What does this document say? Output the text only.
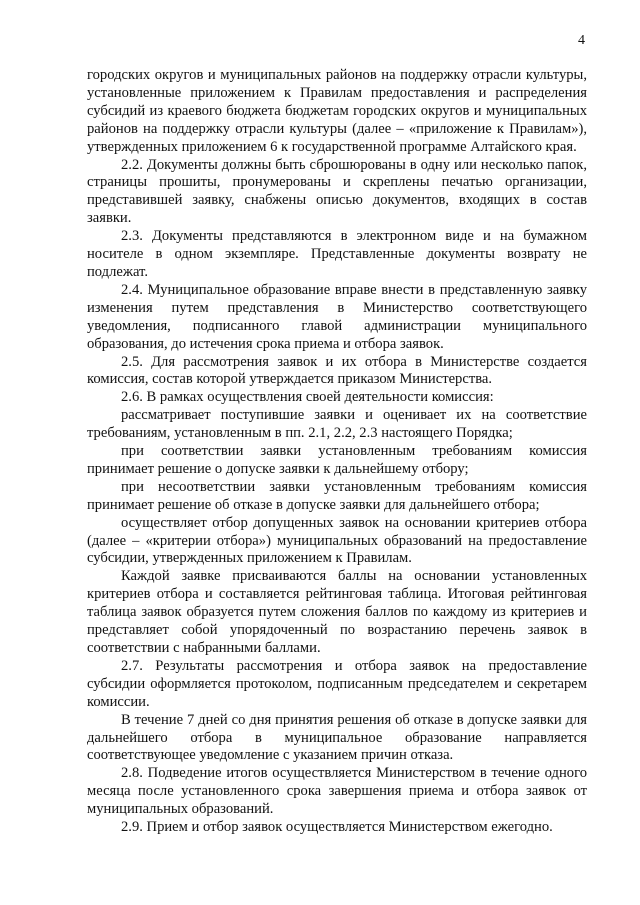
4

городских округов и муниципальных районов на поддержку отрасли культуры, установленные приложением к Правилам предоставления и распределения субсидий из краевого бюджета бюджетам городских округов и муниципальных районов на поддержку отрасли культуры (далее – «приложение к Правилам»), утвержденных приложением 6 к государственной программе Алтайского края.

2.2. Документы должны быть сброшюрованы в одну или несколько папок, страницы прошиты, пронумерованы и скреплены печатью организации, представившей заявку, снабжены описью документов, входящих в состав заявки.

2.3. Документы представляются в электронном виде и на бумажном носителе в одном экземпляре. Представленные документы возврату не подлежат.

2.4. Муниципальное образование вправе внести в представленную заявку изменения путем представления в Министерство соответствующего уведомления, подписанного главой администрации муниципального образования, до истечения срока приема и отбора заявок.

2.5. Для рассмотрения заявок и их отбора в Министерстве создается комиссия, состав которой утверждается приказом Министерства.

2.6. В рамках осуществления своей деятельности комиссия:

рассматривает поступившие заявки и оценивает их на соответствие требованиям, установленным в пп. 2.1, 2.2, 2.3 настоящего Порядка;

при соответствии заявки установленным требованиям комиссия принимает решение о допуске заявки к дальнейшему отбору;

при несоответствии заявки установленным требованиям комиссия принимает решение об отказе в допуске заявки для дальнейшего отбора;

осуществляет отбор допущенных заявок на основании критериев отбора (далее – «критерии отбора») муниципальных образований на предоставление субсидии, утвержденных приложением к Правилам.

Каждой заявке присваиваются баллы на основании установленных критериев отбора и составляется рейтинговая таблица. Итоговая рейтинговая таблица заявок образуется путем сложения баллов по каждому из критериев и представляет собой упорядоченный по возрастанию перечень заявок в соответствии с набранными баллами.

2.7. Результаты рассмотрения и отбора заявок на предоставление субсидии оформляется протоколом, подписанным председателем и секретарем комиссии.

В течение 7 дней со дня принятия решения об отказе в допуске заявки для дальнейшего отбора в муниципальное образование направляется соответствующее уведомление с указанием причин отказа.

2.8. Подведение итогов осуществляется Министерством в течение одного месяца после установленного срока завершения приема и отбора заявок от муниципальных образований.

2.9. Прием и отбор заявок осуществляется Министерством ежегодно.
